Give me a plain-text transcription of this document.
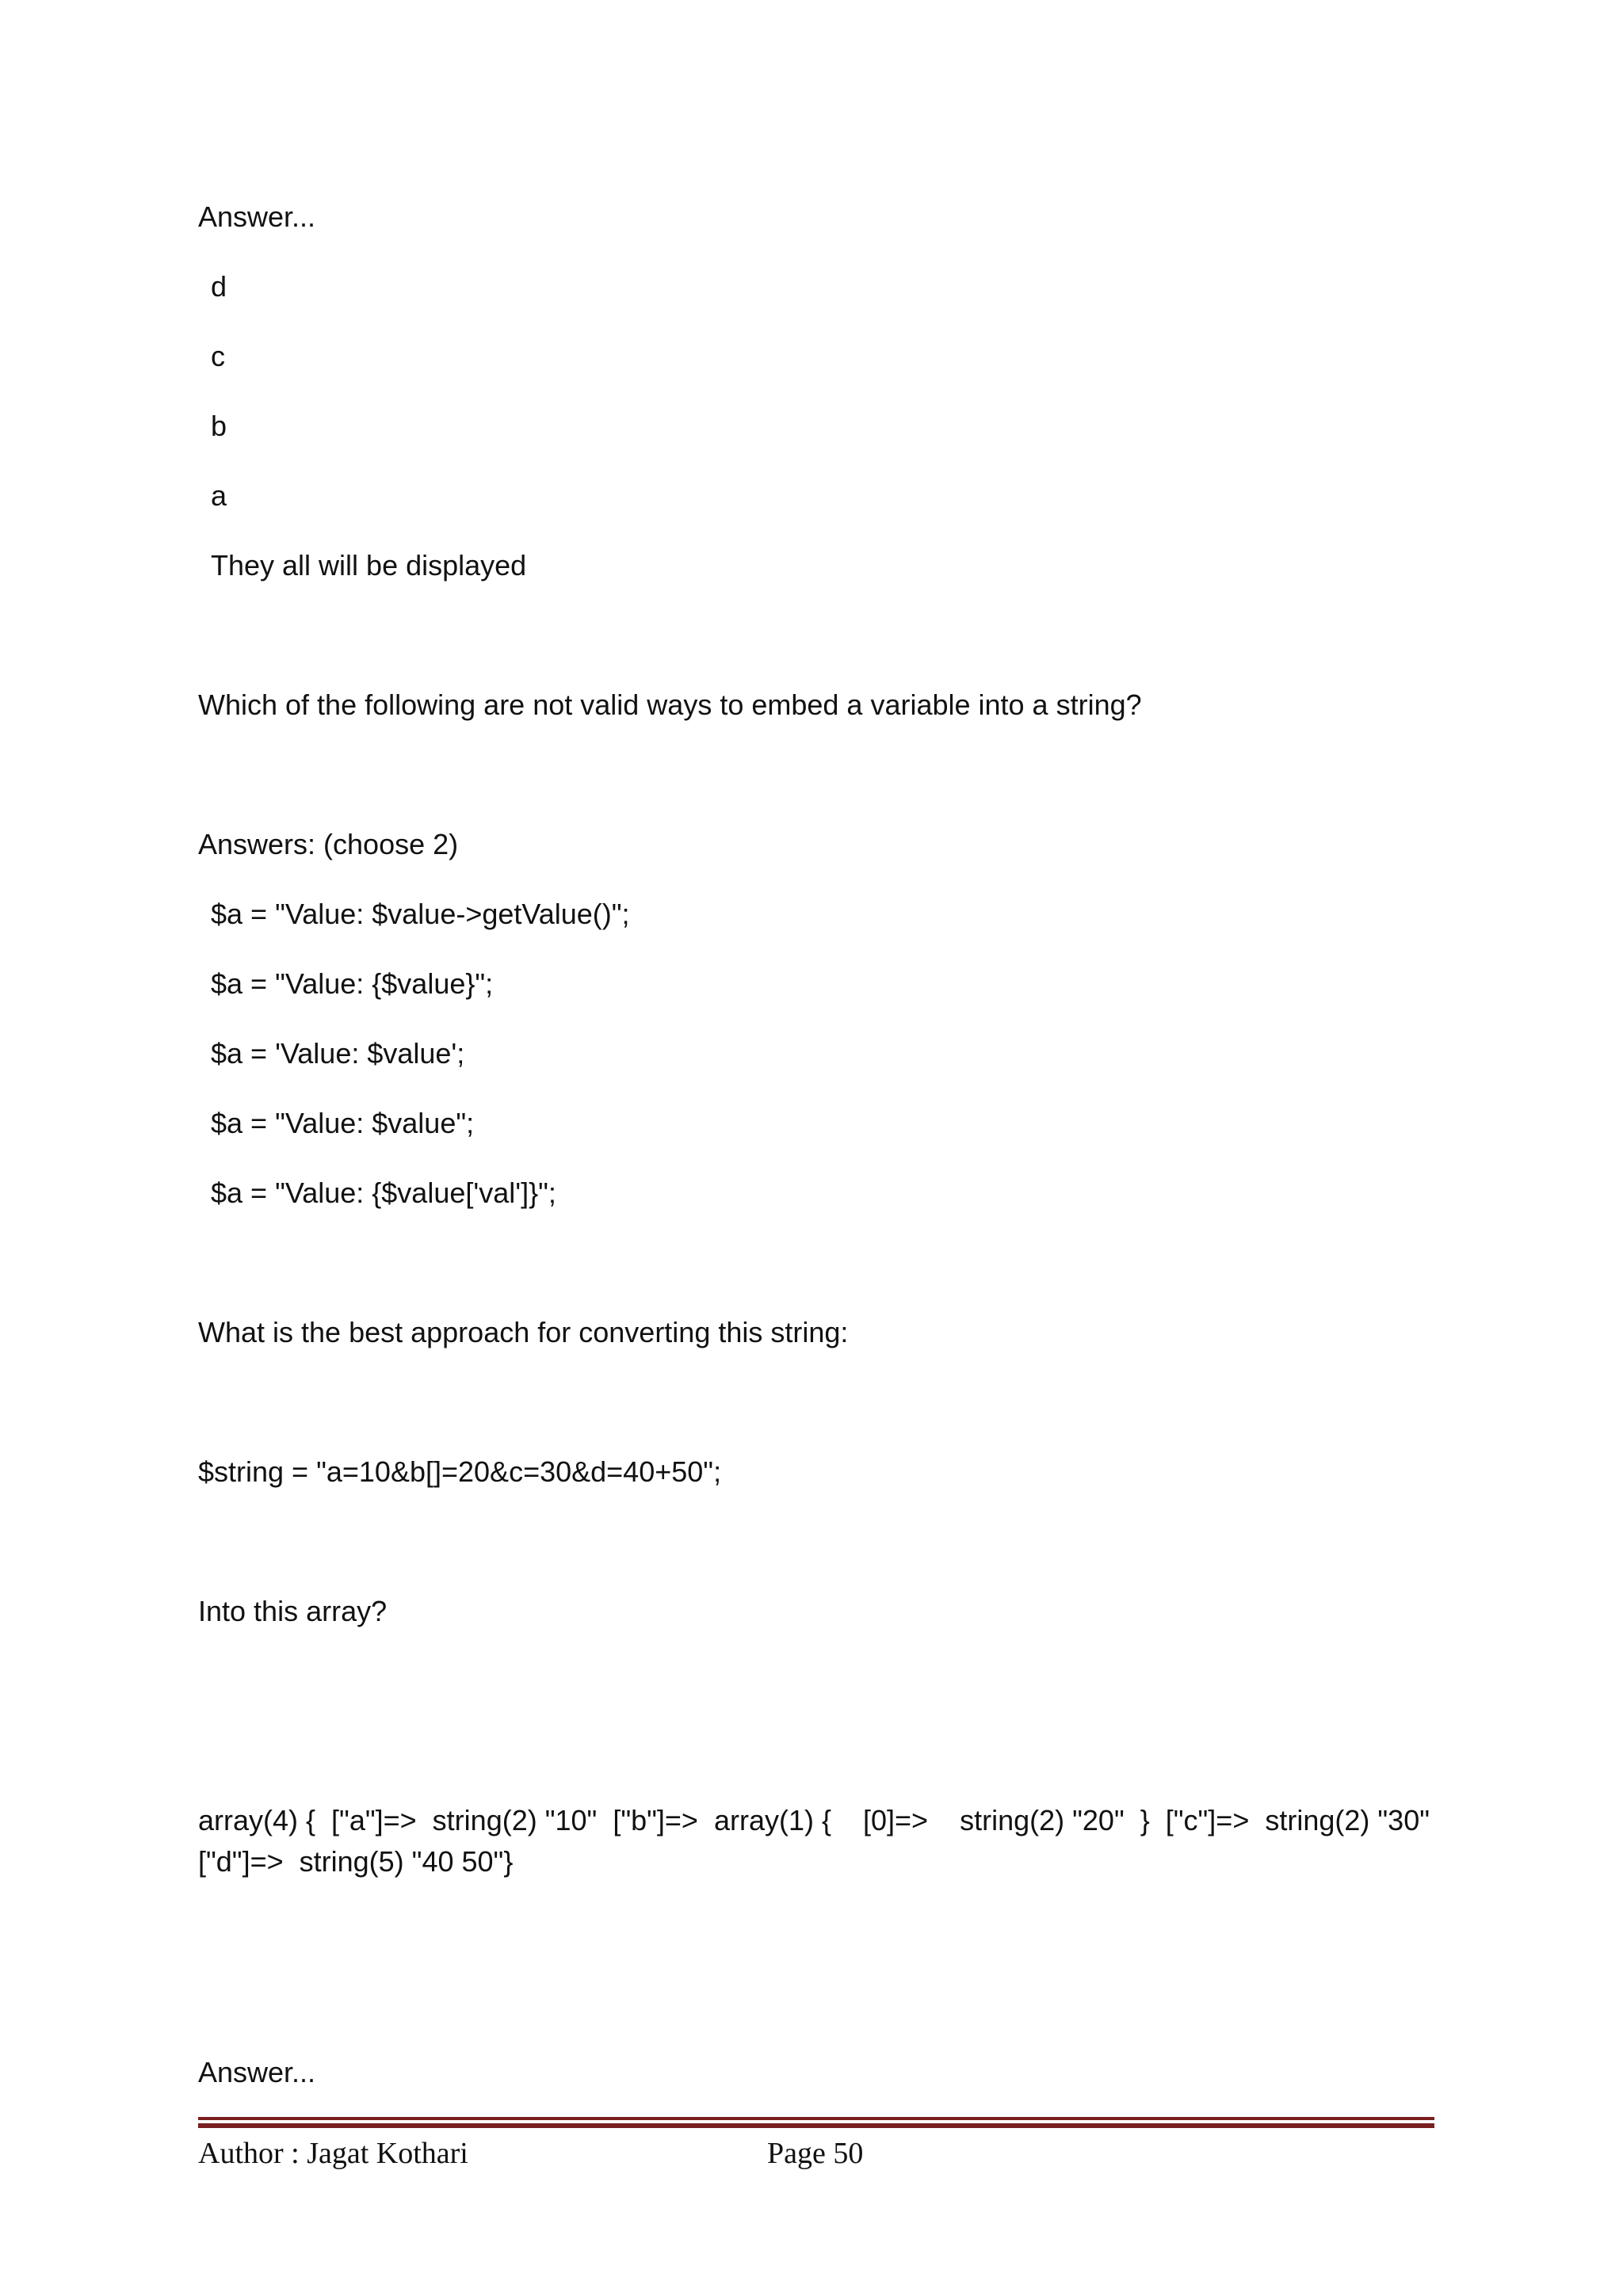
Answer...

d

c

b

a

They all will be displayed

Which of the following are not valid ways to embed a variable into a string?

Answers: (choose 2)

$a = "Value: $value->getValue()";

$a = "Value: {$value}";

$a = 'Value: $value';

$a = "Value: $value";

$a = "Value: {$value['val']}";

What is the best approach for converting this string:

$string = "a=10&b[]=20&c=30&d=40+50";

Into this array?

array(4) {  ["a"]=>  string(2) "10"  ["b"]=>  array(1) {    [0]=>    string(2) "20"  }  ["c"]=>  string(2) "30"  ["d"]=>  string(5) "40 50"}

Answer...

Author : Jagat Kothari	Page 50
